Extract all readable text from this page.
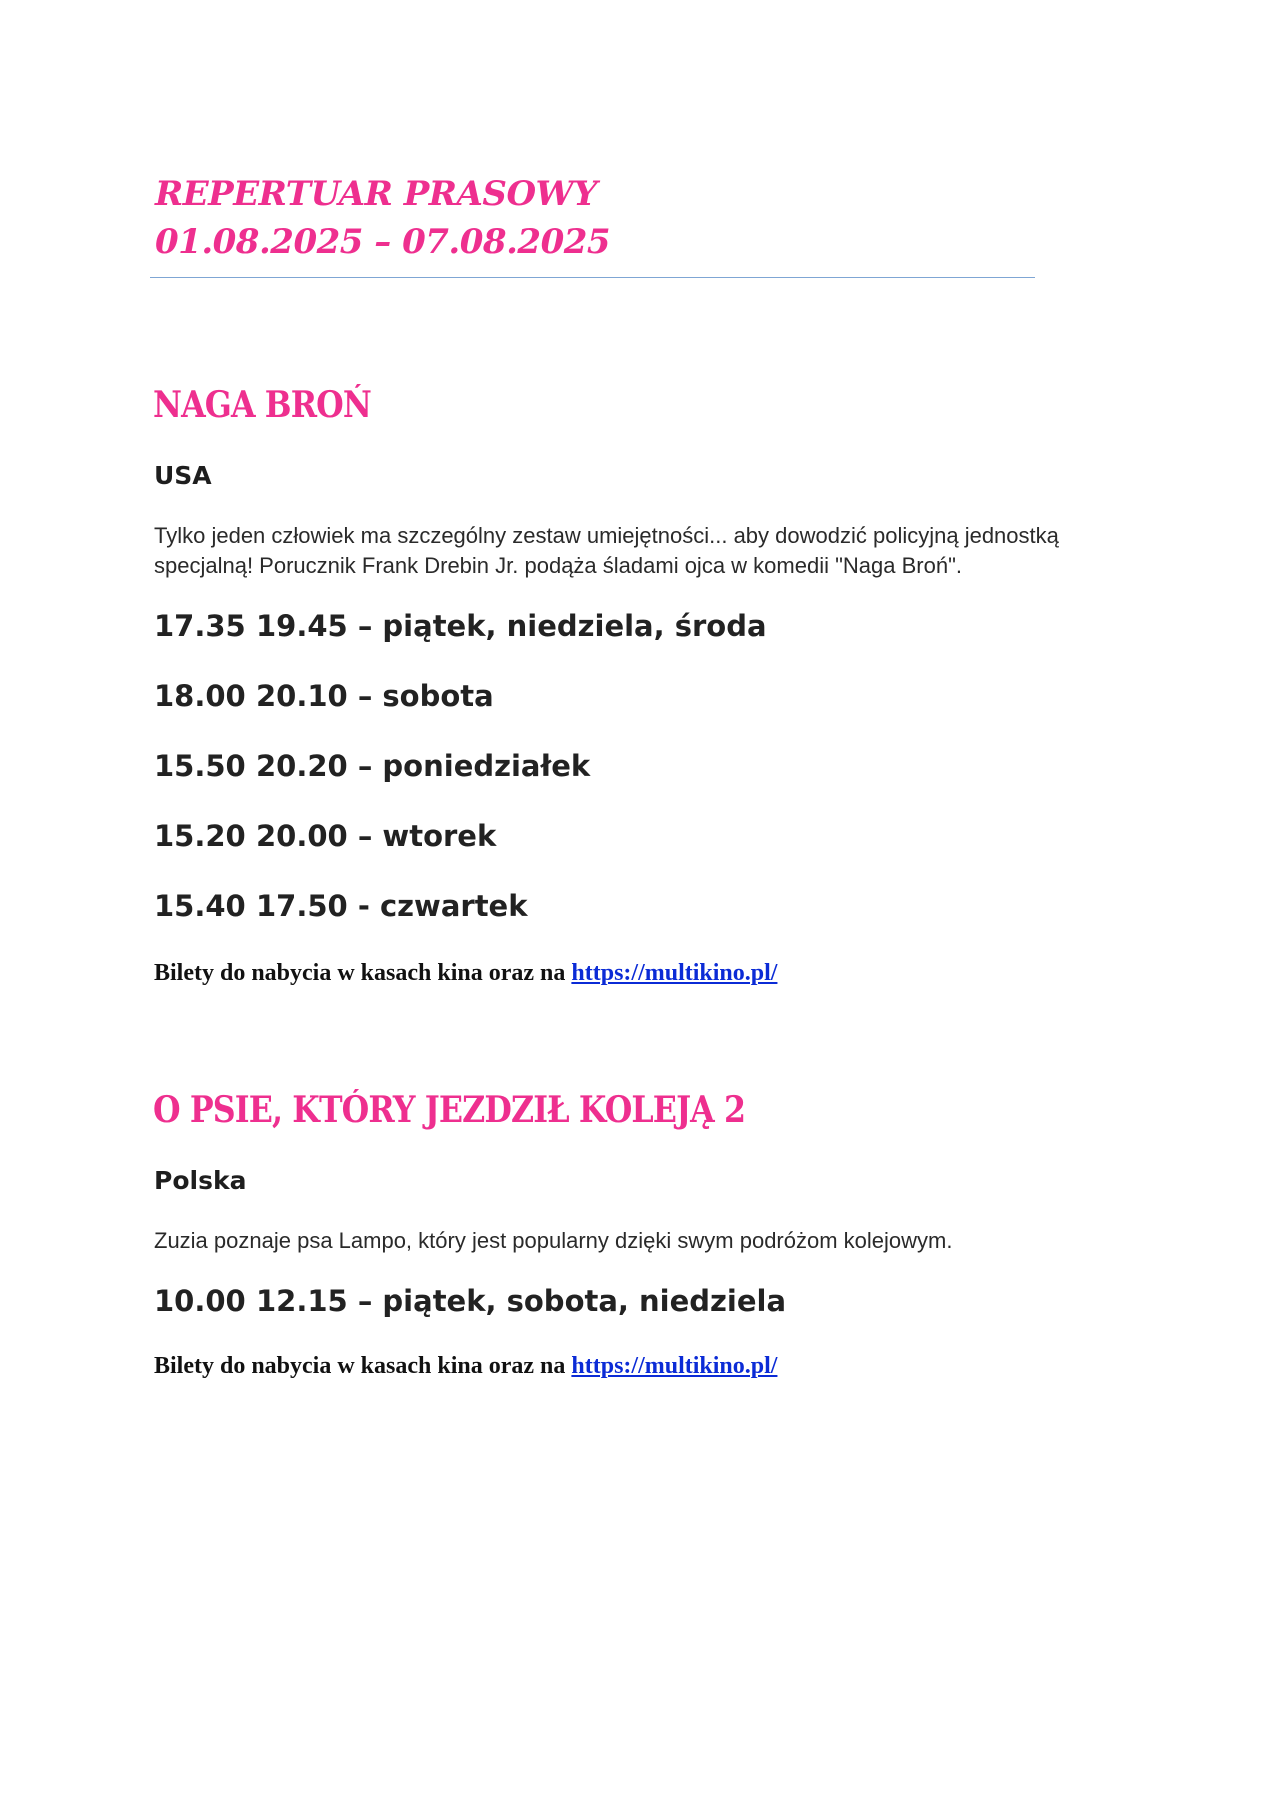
REPERTUAR PRASOWY
01.08.2025 – 07.08.2025
NAGA BROŃ
USA
Tylko jeden człowiek ma szczególny zestaw umiejętności... aby dowodzić policyjną jednostką specjalną! Porucznik Frank Drebin Jr. podąża śladami ojca w komedii "Naga Broń".
17.35 19.45 – piątek, niedziela, środa
18.00 20.10 – sobota
15.50 20.20 – poniedziałek
15.20 20.00 – wtorek
15.40 17.50 - czwartek
Bilety do nabycia w kasach kina oraz na https://multikino.pl/
O PSIE, KTÓRY JEZDZIŁ KOLEJĄ 2
Polska
Zuzia poznaje psa Lampo, który jest popularny dzięki swym podróżom kolejowym.
10.00 12.15 – piątek, sobota, niedziela
Bilety do nabycia w kasach kina oraz na https://multikino.pl/
